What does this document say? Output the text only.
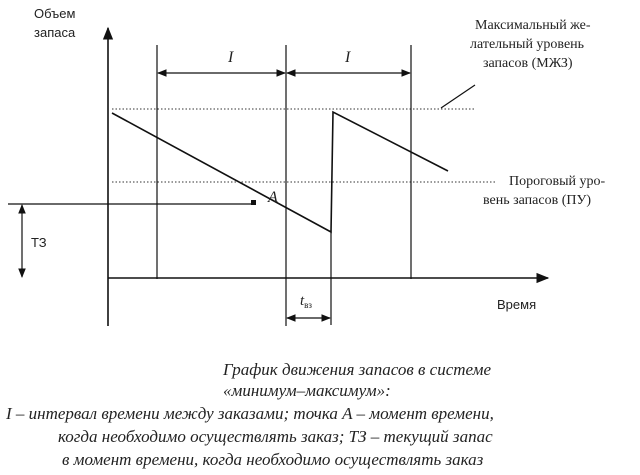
Объем
запаса
Время
Максимальный же-
лательный уровень
запасов (МЖЗ)
Пороговый уро-
вень запасов (ПУ)
I	I
A
ТЗ
tвз
График движения запасов в системе
«минимум–максимум»:
I – интервал времени между заказами; точка A – момент времени,
когда необходимо осуществлять заказ; ТЗ – текущий запас
в момент времени, когда необходимо осуществлять заказ
